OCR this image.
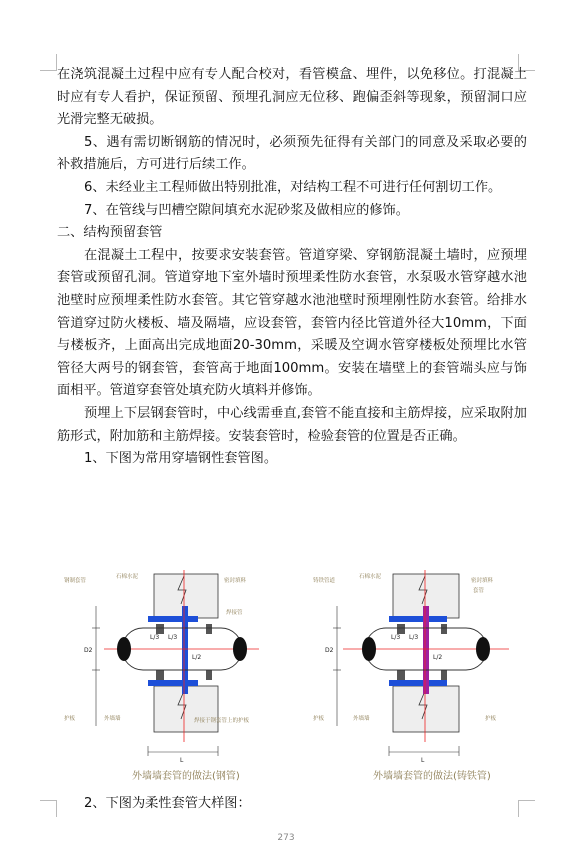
在浇筑混凝土过程中应有专人配合校对，看管模盒、埋件，以免移位。打混凝土时应有专人看护，保证预留、预埋孔洞应无位移、跑偏歪斜等现象，预留洞口应光滑完整无破损。

5、遇有需切断钢筋的情况时，必须预先征得有关部门的同意及采取必要的补救措施后，方可进行后续工作。

6、未经业主工程师做出特别批准，对结构工程不可进行任何割切工作。

7、在管线与凹槽空隙间填充水泥砂浆及做相应的修饰。

二、结构预留套管

在混凝土工程中，按要求安装套管。管道穿梁、穿钢筋混凝土墙时，应预埋套管或预留孔洞。管道穿地下室外墙时预埋柔性防水套管，水泵吸水管穿越水池池壁时应预埋柔性防水套管。其它管穿越水池池壁时预埋刚性防水套管。给排水管道穿过防火楼板、墙及隔墙，应设套管，套管内径比管道外径大10mm，下面与楼板齐，上面高出完成地面20-30mm，采暖及空调水管穿楼板处预埋比水管管径大两号的钢套管，套管高于地面100mm。安装在墙壁上的套管端头应与饰面相平。管道穿套管处填充防火填料并修饰。

预埋上下层钢套管时，中心线需垂直,套管不能直接和主筋焊接，应采取附加筋形式，附加筋和主筋焊接。安装套管时，检验套管的位置是否正确。

1、下图为常用穿墙钢性套管图。

钢制套管
石棉水泥
密封填料
焊接管
护板	外墙墙	焊接于钢套管上的护板
L/3 L/3
L/2
D2
L
外墙墙套管的做法(钢管)
铸铁管道
石棉水泥
密封填料
套管
护板	外墙墙	护板
L/3 L/3
L/2
D2
L
外墙墙套管的做法(铸铁管)
2、下图为柔性套管大样图：
273
